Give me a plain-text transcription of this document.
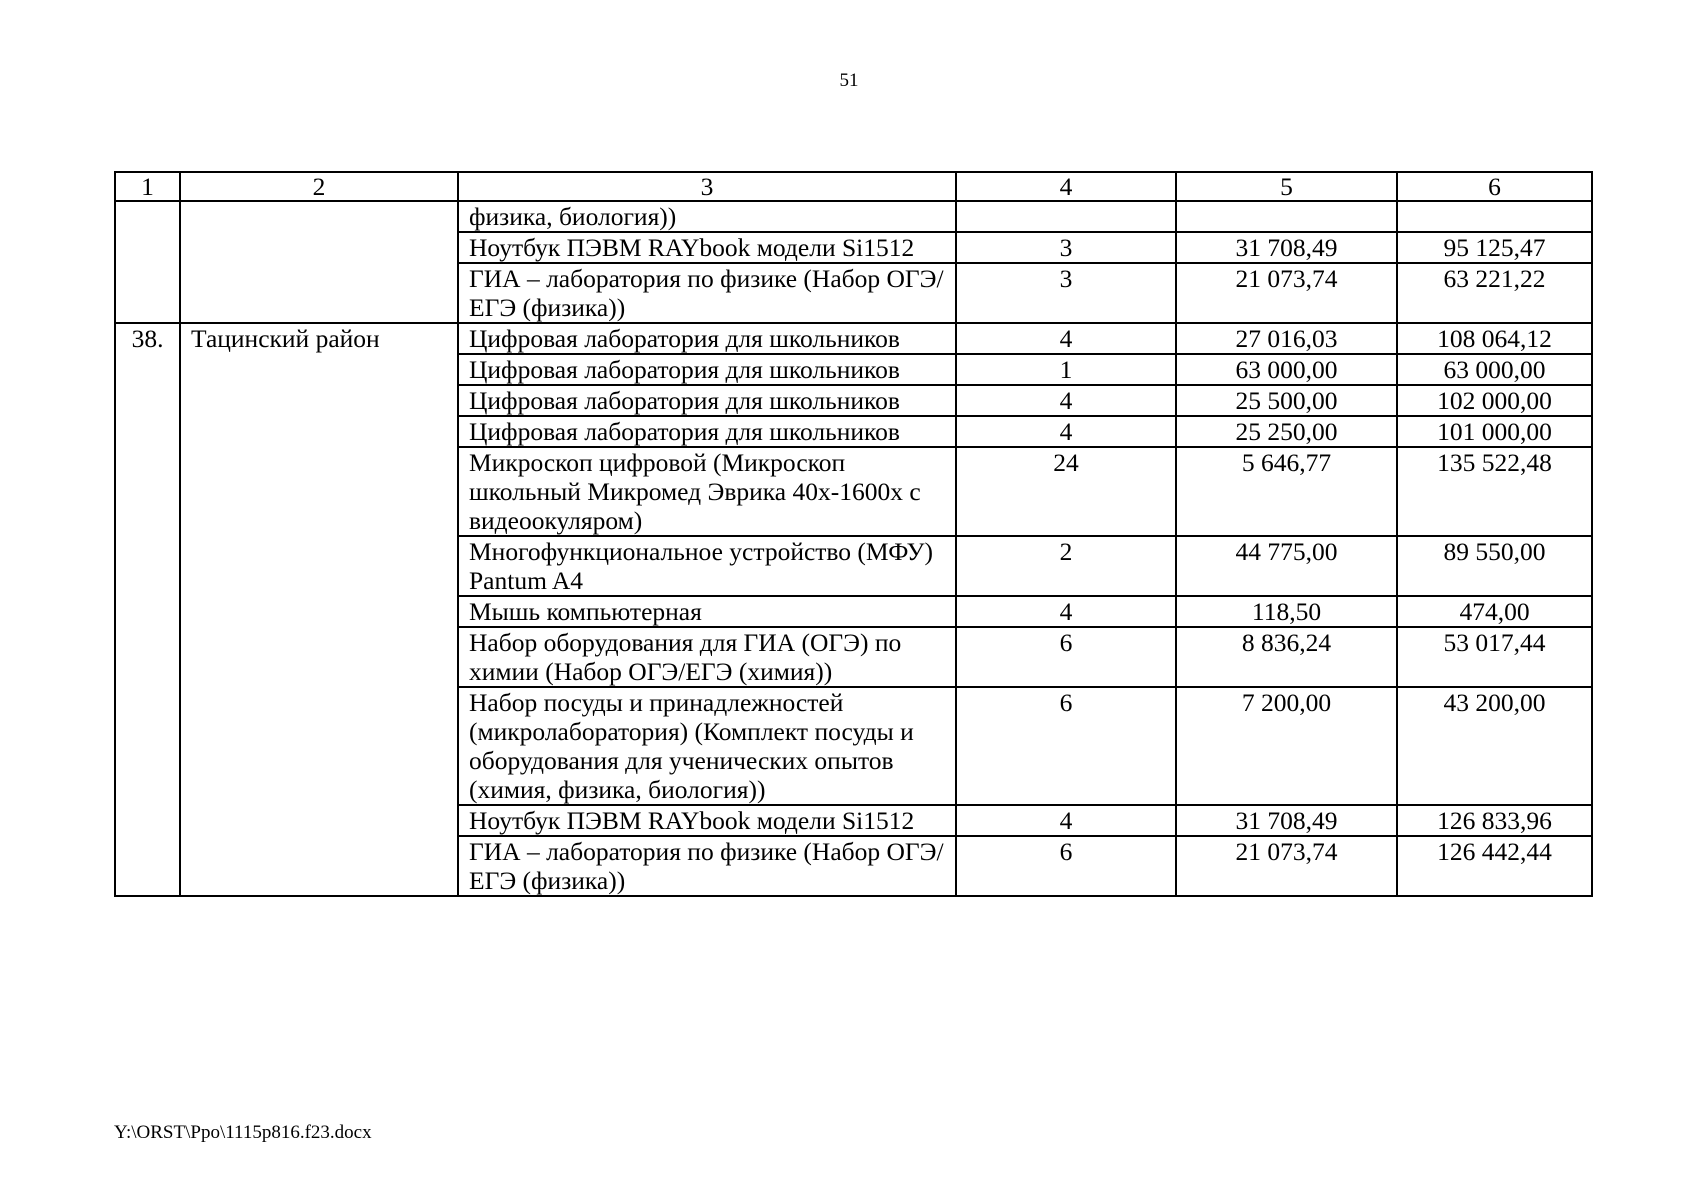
51
1	2	3	4	5	6
		физика, биология))			
		Ноутбук ПЭВМ RAYbook модели Si1512	3	31 708,49	95 125,47
		ГИА – лаборатория по физике (Набор ОГЭ/ЕГЭ (физика))	3	21 073,74	63 221,22
38.	Тацинский район	Цифровая лаборатория для школьников	4	27 016,03	108 064,12
		Цифровая лаборатория для школьников	1	63 000,00	63 000,00
		Цифровая лаборатория для школьников	4	25 500,00	102 000,00
		Цифровая лаборатория для школьников	4	25 250,00	101 000,00
		Микроскоп цифровой (Микроскоп школьный Микромед Эврика 40х-1600х с видеоокуляром)	24	5 646,77	135 522,48
		Многофункциональное устройство (МФУ) Pantum A4	2	44 775,00	89 550,00
		Мышь компьютерная	4	118,50	474,00
		Набор оборудования для ГИА (ОГЭ) по химии (Набор ОГЭ/ЕГЭ (химия))	6	8 836,24	53 017,44
		Набор посуды и принадлежностей (микролаборатория) (Комплект посуды и оборудования для ученических опытов (химия, физика, биология))	6	7 200,00	43 200,00
		Ноутбук ПЭВМ RAYbook модели Si1512	4	31 708,49	126 833,96
		ГИА – лаборатория по физике (Набор ОГЭ/ЕГЭ (физика))	6	21 073,74	126 442,44
Y:\ORST\Ppo\1115p816.f23.docx
